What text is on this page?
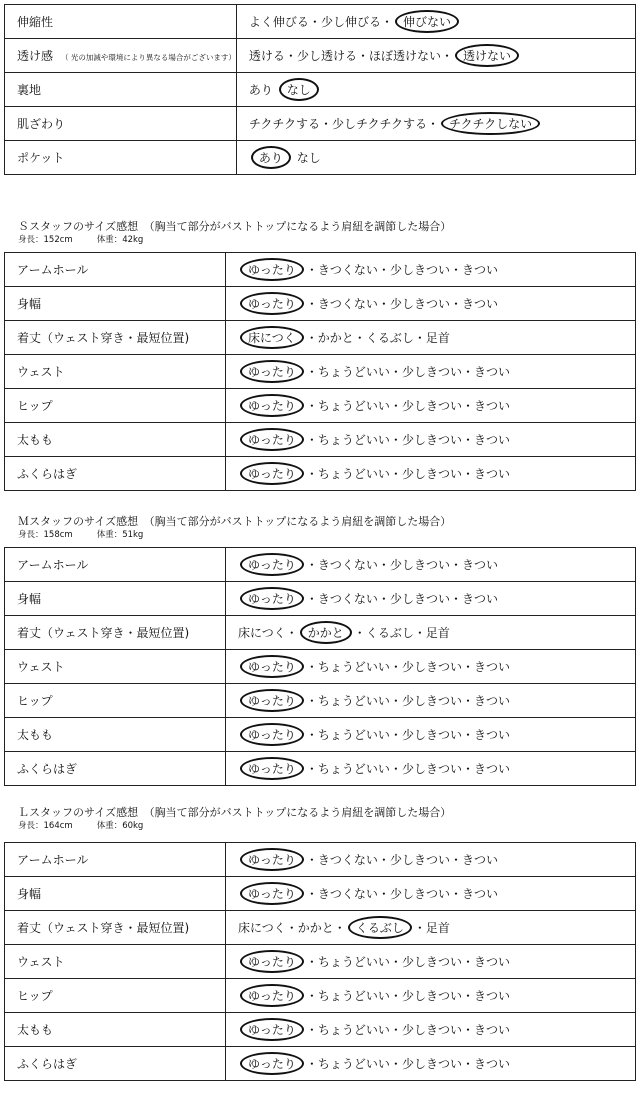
伸縮性	よく伸びる・少し伸びる・ 伸びない
透け感 （ 光の加減や環境により異なる場合がございます）	透ける・少し透ける・ほぼ透けない・ 透けない
裏地	あり なし
肌ざわり	チクチクする・少しチクチクする・ チクチクしない
ポケット	あり なし
Ｓスタッフのサイズ感想　（胸当て部分がバストトップになるよう肩紐を調節した場合）
身長：152cm	体重：42kg
アームホール	ゆったり ・きつくない・少しきつい・きつい
身幅	ゆったり ・きつくない・少しきつい・きつい
着丈（ウェスト穿き・最短位置)	床につく ・かかと・くるぶし・足首
ウェスト	ゆったり ・ちょうどいい・少しきつい・きつい
ヒップ	ゆったり ・ちょうどいい・少しきつい・きつい
太もも	ゆったり ・ちょうどいい・少しきつい・きつい
ふくらはぎ	ゆったり ・ちょうどいい・少しきつい・きつい
Ｍスタッフのサイズ感想　（胸当て部分がバストトップになるよう肩紐を調節した場合）
身長：158cm	体重：51kg
アームホール	ゆったり ・きつくない・少しきつい・きつい
身幅	ゆったり ・きつくない・少しきつい・きつい
着丈（ウェスト穿き・最短位置)	床につく・ かかと ・くるぶし・足首
ウェスト	ゆったり ・ちょうどいい・少しきつい・きつい
ヒップ	ゆったり ・ちょうどいい・少しきつい・きつい
太もも	ゆったり ・ちょうどいい・少しきつい・きつい
ふくらはぎ	ゆったり ・ちょうどいい・少しきつい・きつい
Ｌスタッフのサイズ感想　（胸当て部分がバストトップになるよう肩紐を調節した場合）
身長：164cm	体重：60kg
アームホール	ゆったり ・きつくない・少しきつい・きつい
身幅	ゆったり ・きつくない・少しきつい・きつい
着丈（ウェスト穿き・最短位置)	床につく・かかと・ くるぶし ・足首
ウェスト	ゆったり ・ちょうどいい・少しきつい・きつい
ヒップ	ゆったり ・ちょうどいい・少しきつい・きつい
太もも	ゆったり ・ちょうどいい・少しきつい・きつい
ふくらはぎ	ゆったり ・ちょうどいい・少しきつい・きつい
